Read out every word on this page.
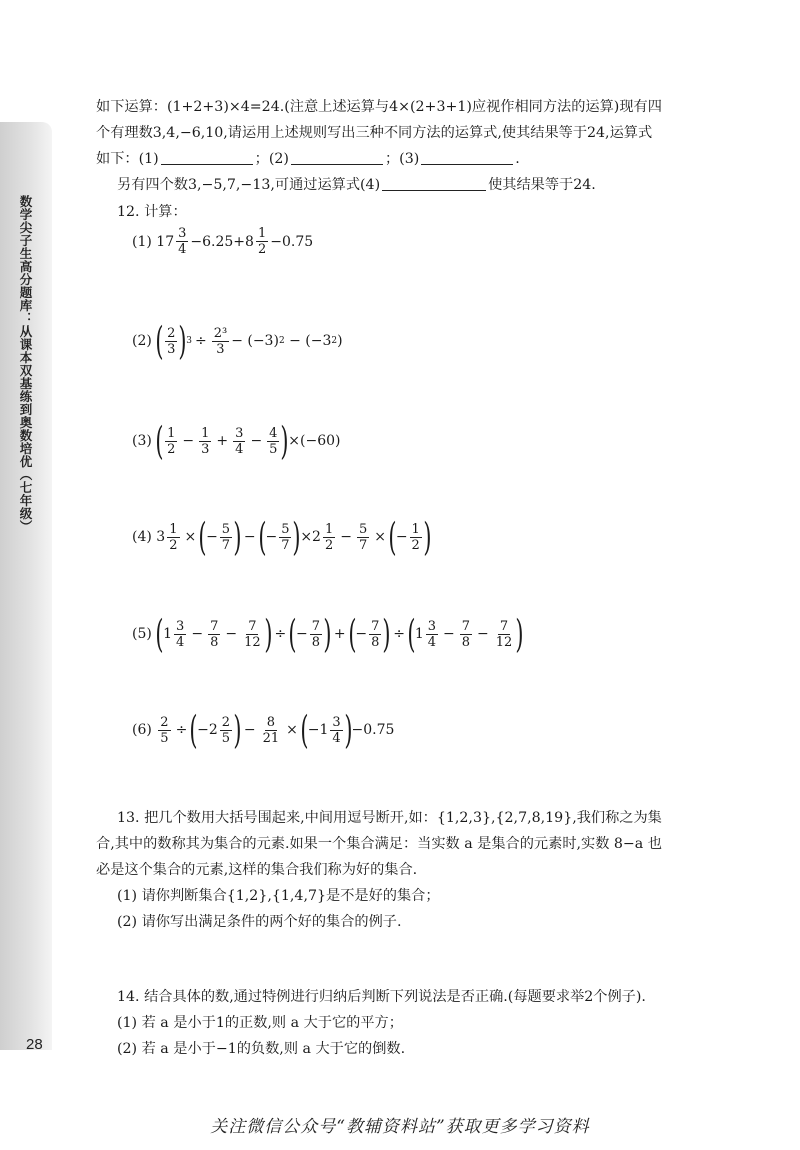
数学尖子生高分题库：从课本双基练到奥数培优（七年级）
28
如下运算：(1+2+3)×4=24.(注意上述运算与4×(2+3+1)应视作相同方法的运算)现有四
个有理数3,4,−6,10,请运用上述规则写出三种不同方法的运算式,使其结果等于24,运算式
如下：(1)	；(2)	；(3)	.
另有四个数3,−5,7,−13,可通过运算式(4)	使其结果等于24.
12. 计算：
(1)
$17 \frac{3}{4} -6.25+8 \frac{1}{2} -0.75$
(2)
( $\frac{2}{3}$ ) $3 \div \frac{\text{2³}}{3} - (-3)$ 2
− (−3 2 )
(3)
( $\frac{1}{2} - \frac{1}{3} + \frac{3}{4} - \frac{4}{5}$ ) ×(−60)
(4)
$3 \frac{1}{2}$ × ( − $\frac{5}{7}$ ) − ( − $\frac{5}{7}$ ) $\times 2 \frac{1}{2} - \frac{5}{7}$ × ( − $\frac{1}{2}$ )
(5)
( $1 \frac{3}{4} - \frac{7}{8} - \frac{7}{12}$ ) ÷ ( − $\frac{7}{8}$ ) + ( − $\frac{7}{8}$ ) ÷ ( $1 \frac{3}{4} - \frac{7}{8} - \frac{7}{12}$ )
(6)
$\frac{2}{5}$ ÷ ( $-2 \frac{2}{5}$ ) − $\frac{8}{21}$ × ( $-1 \frac{3}{4}$ ) −0.75
13. 把几个数用大括号围起来,中间用逗号断开,如：{1,2,3},{2,7,8,19},我们称之为集
合,其中的数称其为集合的元素.如果一个集合满足：当实数 a 是集合的元素时,实数 8−a 也
必是这个集合的元素,这样的集合我们称为好的集合.
(1) 请你判断集合{1,2},{1,4,7}是不是好的集合；
(2) 请你写出满足条件的两个好的集合的例子.
14. 结合具体的数,通过特例进行归纳后判断下列说法是否正确.(每题要求举2个例子).
(1) 若 a 是小于1的正数,则 a 大于它的平方；
(2) 若 a 是小于−1的负数,则 a 大于它的倒数.
关注微信公众号“教辅资料站”获取更多学习资料
